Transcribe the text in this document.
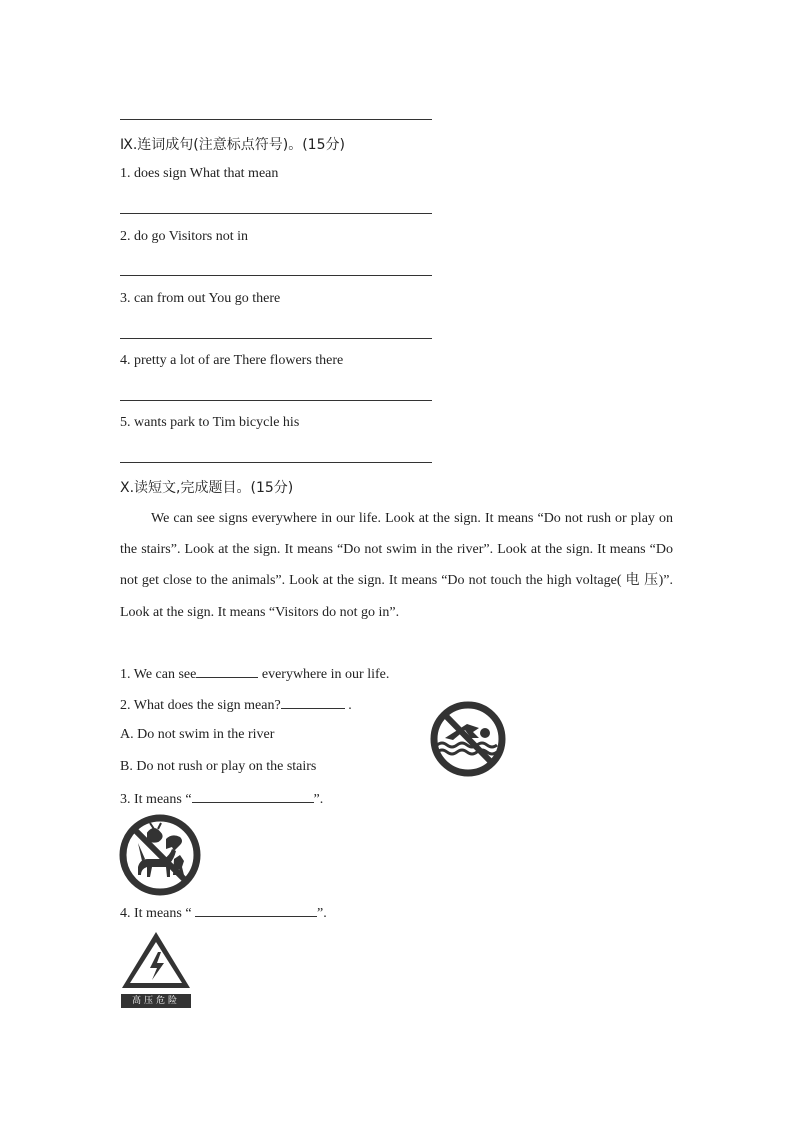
Ⅸ.连词成句(注意标点符号)。(15分)
1. does sign What that mean
2. do go Visitors not in
3. can from out You go there
4. pretty a lot of are There flowers there
5. wants park to Tim bicycle his
Ⅹ.读短文,完成题目。(15分)
We can see signs everywhere in our life. Look at the sign. It means “Do not rush or play on the stairs”. Look at the sign. It means “Do not swim in the river”. Look at the sign. It means “Do not get close to the animals”. Look at the sign. It means “Do not touch the high voltage( 电 压)”. Look at the sign. It means “Visitors do not go in”.
1. We can see	everywhere in our life.
2. What does the sign mean?	.
A. Do not swim in the river
B. Do not rush or play on the stairs
3. It means “	”.
4. It means “	”.
高压危险
